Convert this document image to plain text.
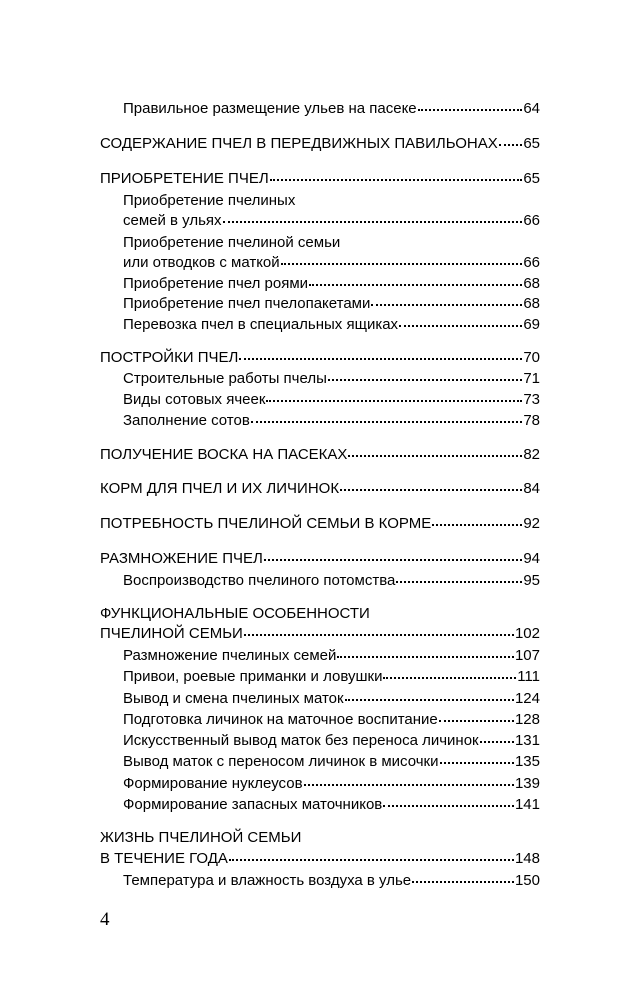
Правильное размещение ульев на пасеке	64
СОДЕРЖАНИЕ ПЧЕЛ В ПЕРЕДВИЖНЫХ ПАВИЛЬОНАХ 65
ПРИОБРЕТЕНИЕ ПЧЕЛ	65
Приобретение пчелиных
семей в ульях	66
Приобретение пчелиной семьи
или отводков с маткой	66
Приобретение пчел роями	68
Приобретение пчел пчелопакетами	68
Перевозка пчел в специальных ящиках	69
ПОСТРОЙКИ ПЧЕЛ	70
Строительные работы пчелы	71
Виды сотовых ячеек	73
Заполнение сотов	78
ПОЛУЧЕНИЕ ВОСКА НА ПАСЕКАХ	82
КОРМ ДЛЯ ПЧЕЛ И ИХ ЛИЧИНОК	84
ПОТРЕБНОСТЬ ПЧЕЛИНОЙ СЕМЬИ В КОРМЕ	92
РАЗМНОЖЕНИЕ ПЧЕЛ	94
Воспроизводство пчелиного потомства	95
ФУНКЦИОНАЛЬНЫЕ ОСОБЕННОСТИ
ПЧЕЛИНОЙ СЕМЬИ	102
Размножение пчелиных семей	107
Привои, роевые приманки и ловушки	111
Вывод и смена пчелиных маток	124
Подготовка личинок на маточное воспитание	128
Искусственный вывод маток без переноса личинок 131
Вывод маток с переносом личинок в мисочки	135
Формирование нуклеусов	139
Формирование запасных маточников	141
ЖИЗНЬ ПЧЕЛИНОЙ СЕМЬИ
В ТЕЧЕНИЕ ГОДА	148
Температура и влажность воздуха в улье	150
4
